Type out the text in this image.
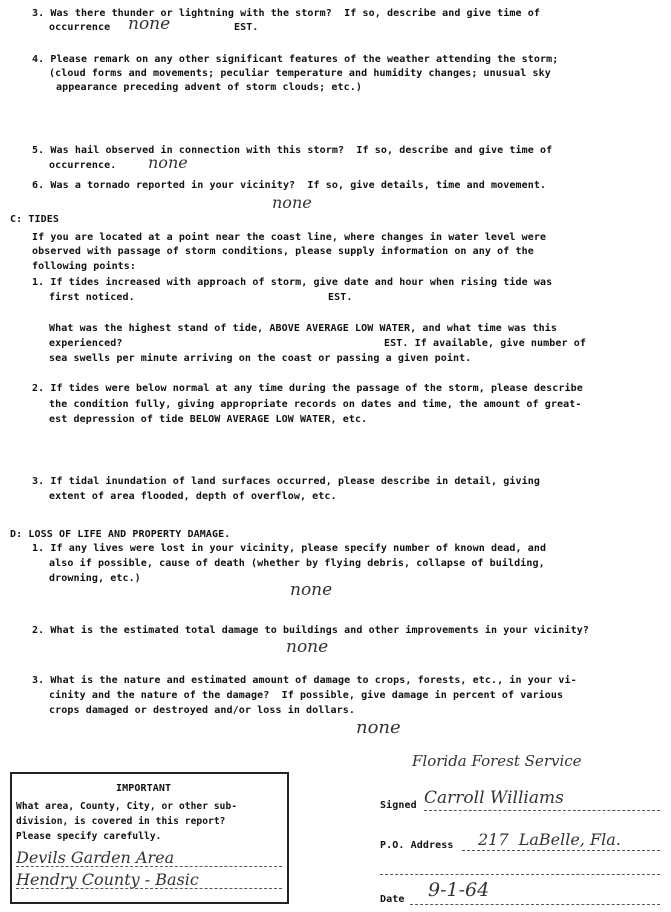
3. Was there thunder or lightning with the storm?  If so, describe and give time of
occurrence none	EST.
4. Please remark on any other significant features of the weather attending the storm;
(cloud forms and movements; peculiar temperature and humidity changes; unusual sky
appearance preceding advent of storm clouds; etc.)
5. Was hail observed in connection with this storm?  If so, describe and give time of
occurrence. none
6. Was a tornado reported in your vicinity?  If so, give details, time and movement.
none
C: TIDES
If you are located at a point near the coast line, where changes in water level were
observed with passage of storm conditions, please supply information on any of the
following points:
1. If tides increased with approach of storm, give date and hour when rising tide was
first noticed.	EST.
What was the highest stand of tide, ABOVE AVERAGE LOW WATER, and what time was this
experienced?	EST. If available, give number of
sea swells per minute arriving on the coast or passing a given point.
2. If tides were below normal at any time during the passage of the storm, please describe
the condition fully, giving appropriate records on dates and time, the amount of great-
est depression of tide BELOW AVERAGE LOW WATER, etc.
3. If tidal inundation of land surfaces occurred, please describe in detail, giving
extent of area flooded, depth of overflow, etc.
D: LOSS OF LIFE AND PROPERTY DAMAGE.
1. If any lives were lost in your vicinity, please specify number of known dead, and
also if possible, cause of death (whether by flying debris, collapse of building,
drowning, etc.)
none
2. What is the estimated total damage to buildings and other improvements in your vicinity?
none
3. What is the nature and estimated amount of damage to crops, forests, etc., in your vi-
cinity and the nature of the damage?  If possible, give damage in percent of various
crops damaged or destroyed and/or loss in dollars.
none
IMPORTANT
What area, County, City, or other sub-
division, is covered in this report?
Please specify carefully.
Devils Garden Area
Hendry County - Basic
Florida Forest Service
Signed Carroll Williams
P.O. Address 217  LaBelle, Fla.
Date 9-1-64
